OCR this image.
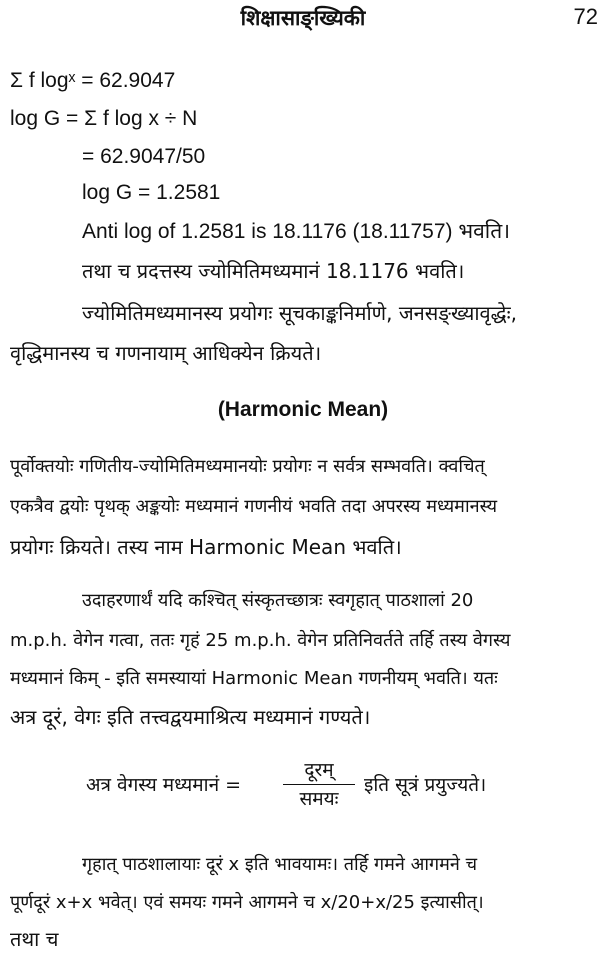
शिक्षासाङ्ख्यिकी	72
Σ f logˣ = 62.9047
log G = Σ f log x ÷ N
= 62.9047/50
log G = 1.2581
Anti log of 1.2581 is 18.1176 (18.11757) भवति।
तथा च प्रदत्तस्य ज्योमितिमध्यमानं 18.1176 भवति।
ज्योमितिमध्यमानस्य प्रयोगः सूचकाङ्कनिर्माणे, जनसङ्ख्यावृद्धेः,
वृद्धिमानस्य च गणनायाम् आधिक्येन क्रियते।
(Harmonic Mean)
पूर्वोक्तयोः गणितीय-ज्योमितिमध्यमानयोः प्रयोगः न सर्वत्र सम्भवति। क्वचित्
एकत्रैव द्वयोः पृथक् अङ्कयोः मध्यमानं गणनीयं भवति तदा अपरस्य मध्यमानस्य
प्रयोगः क्रियते। तस्य नाम Harmonic Mean भवति।
उदाहरणार्थं यदि कश्चित् संस्कृतच्छात्रः स्वगृहात् पाठशालां 20
m.p.h. वेगेन गत्वा, ततः गृहं 25 m.p.h. वेगेन प्रतिनिवर्तते तर्हि तस्य वेगस्य
मध्यमानं किम् - इति समस्यायां Harmonic Mean गणनीयम् भवति। यतः
अत्र दूरं, वेगः इति तत्त्वद्वयमाश्रित्य मध्यमानं गण्यते।
अत्र वेगस्य मध्यमानं =
दूरम्
समयः
इति सूत्रं प्रयुज्यते।
गृहात् पाठशालायाः दूरं x इति भावयामः। तर्हि गमने आगमने च
पूर्णदूरं x+x भवेत्। एवं समयः गमने आगमने च x/20+x/25 इत्यासीत्।
तथा च
